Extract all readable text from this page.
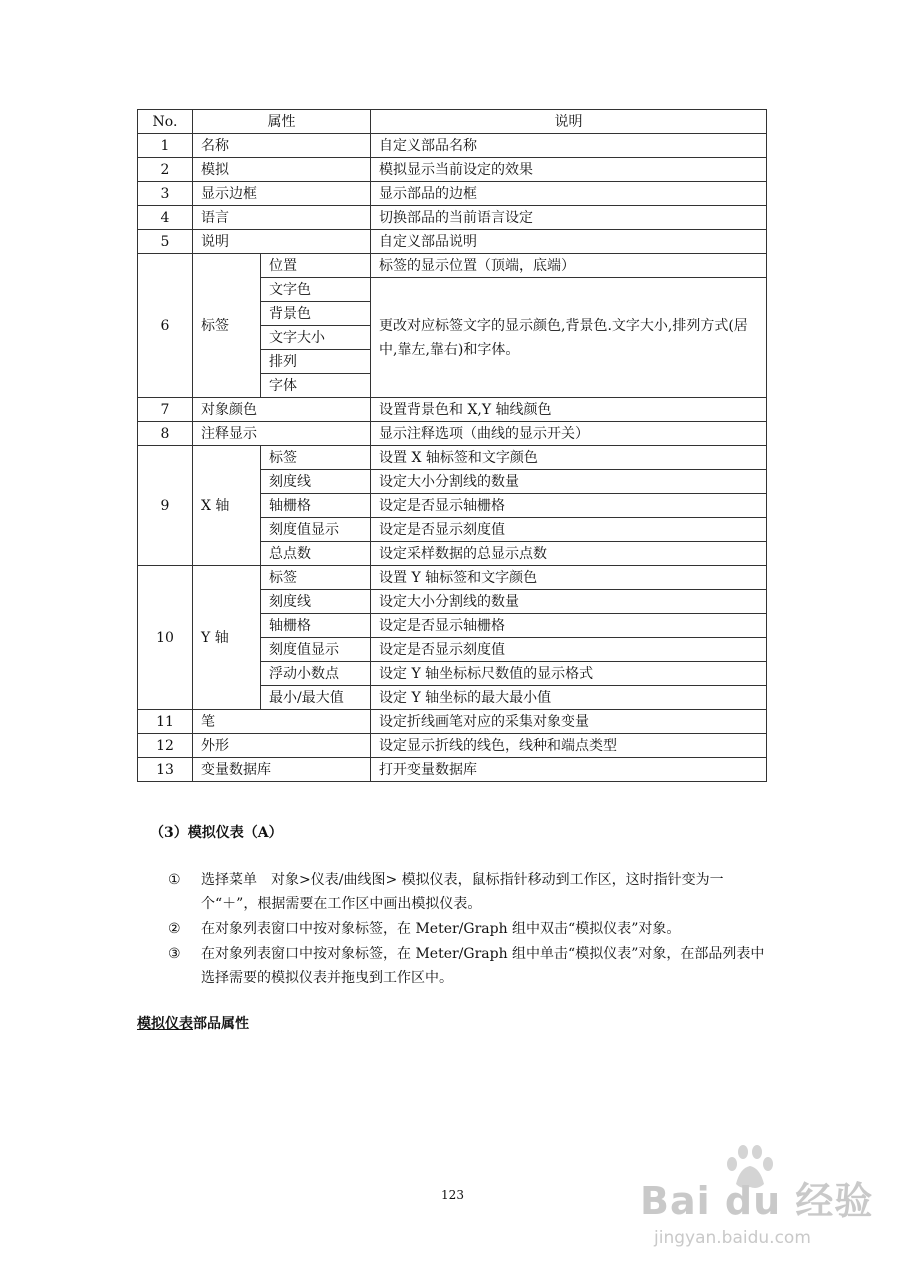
No.	属性		说明
1	名称		自定义部品名称
2	模拟		模拟显示当前设定的效果
3	显示边框		显示部品的边框
4	语言		切换部品的当前语言设定
5	说明		自定义部品说明
6	标签	位置	标签的显示位置（顶端，底端）
		文字色	更改对应标签文字的显示颜色,背景色.文字大小,排列方式(居中,靠左,靠右)和字体。
		背景色	
		文字大小	
		排列	
		字体	
7	对象颜色		设置背景色和 X,Y 轴线颜色
8	注释显示		显示注释选项（曲线的显示开关）
9	X 轴	标签	设置 X 轴标签和文字颜色
		刻度线	设定大小分割线的数量
		轴栅格	设定是否显示轴栅格
		刻度值显示	设定是否显示刻度值
		总点数	设定采样数据的总显示点数
10	Y 轴	标签	设置 Y 轴标签和文字颜色
		刻度线	设定大小分割线的数量
		轴栅格	设定是否显示轴栅格
		刻度值显示	设定是否显示刻度值
		浮动小数点	设定 Y 轴坐标标尺数值的显示格式
		最小/最大值	设定 Y 轴坐标的最大最小值
11	笔		设定折线画笔对应的采集对象变量
12	外形		设定显示折线的线色，线种和端点类型
13	变量数据库		打开变量数据库
（3）模拟仪表（A）
①	选择菜单　对象>仪表/曲线图> 模拟仪表，鼠标指针移动到工作区，这时指针变为一个“＋”，根据需要在工作区中画出模拟仪表。
②	在对象列表窗口中按对象标签，在 Meter/Graph 组中双击“模拟仪表”对象。
③	在对象列表窗口中按对象标签，在 Meter/Graph 组中单击“模拟仪表”对象，在部品列表中选择需要的模拟仪表并拖曳到工作区中。
模拟仪表部品属性
123	Bai du 经验
jingyan.baidu.com
